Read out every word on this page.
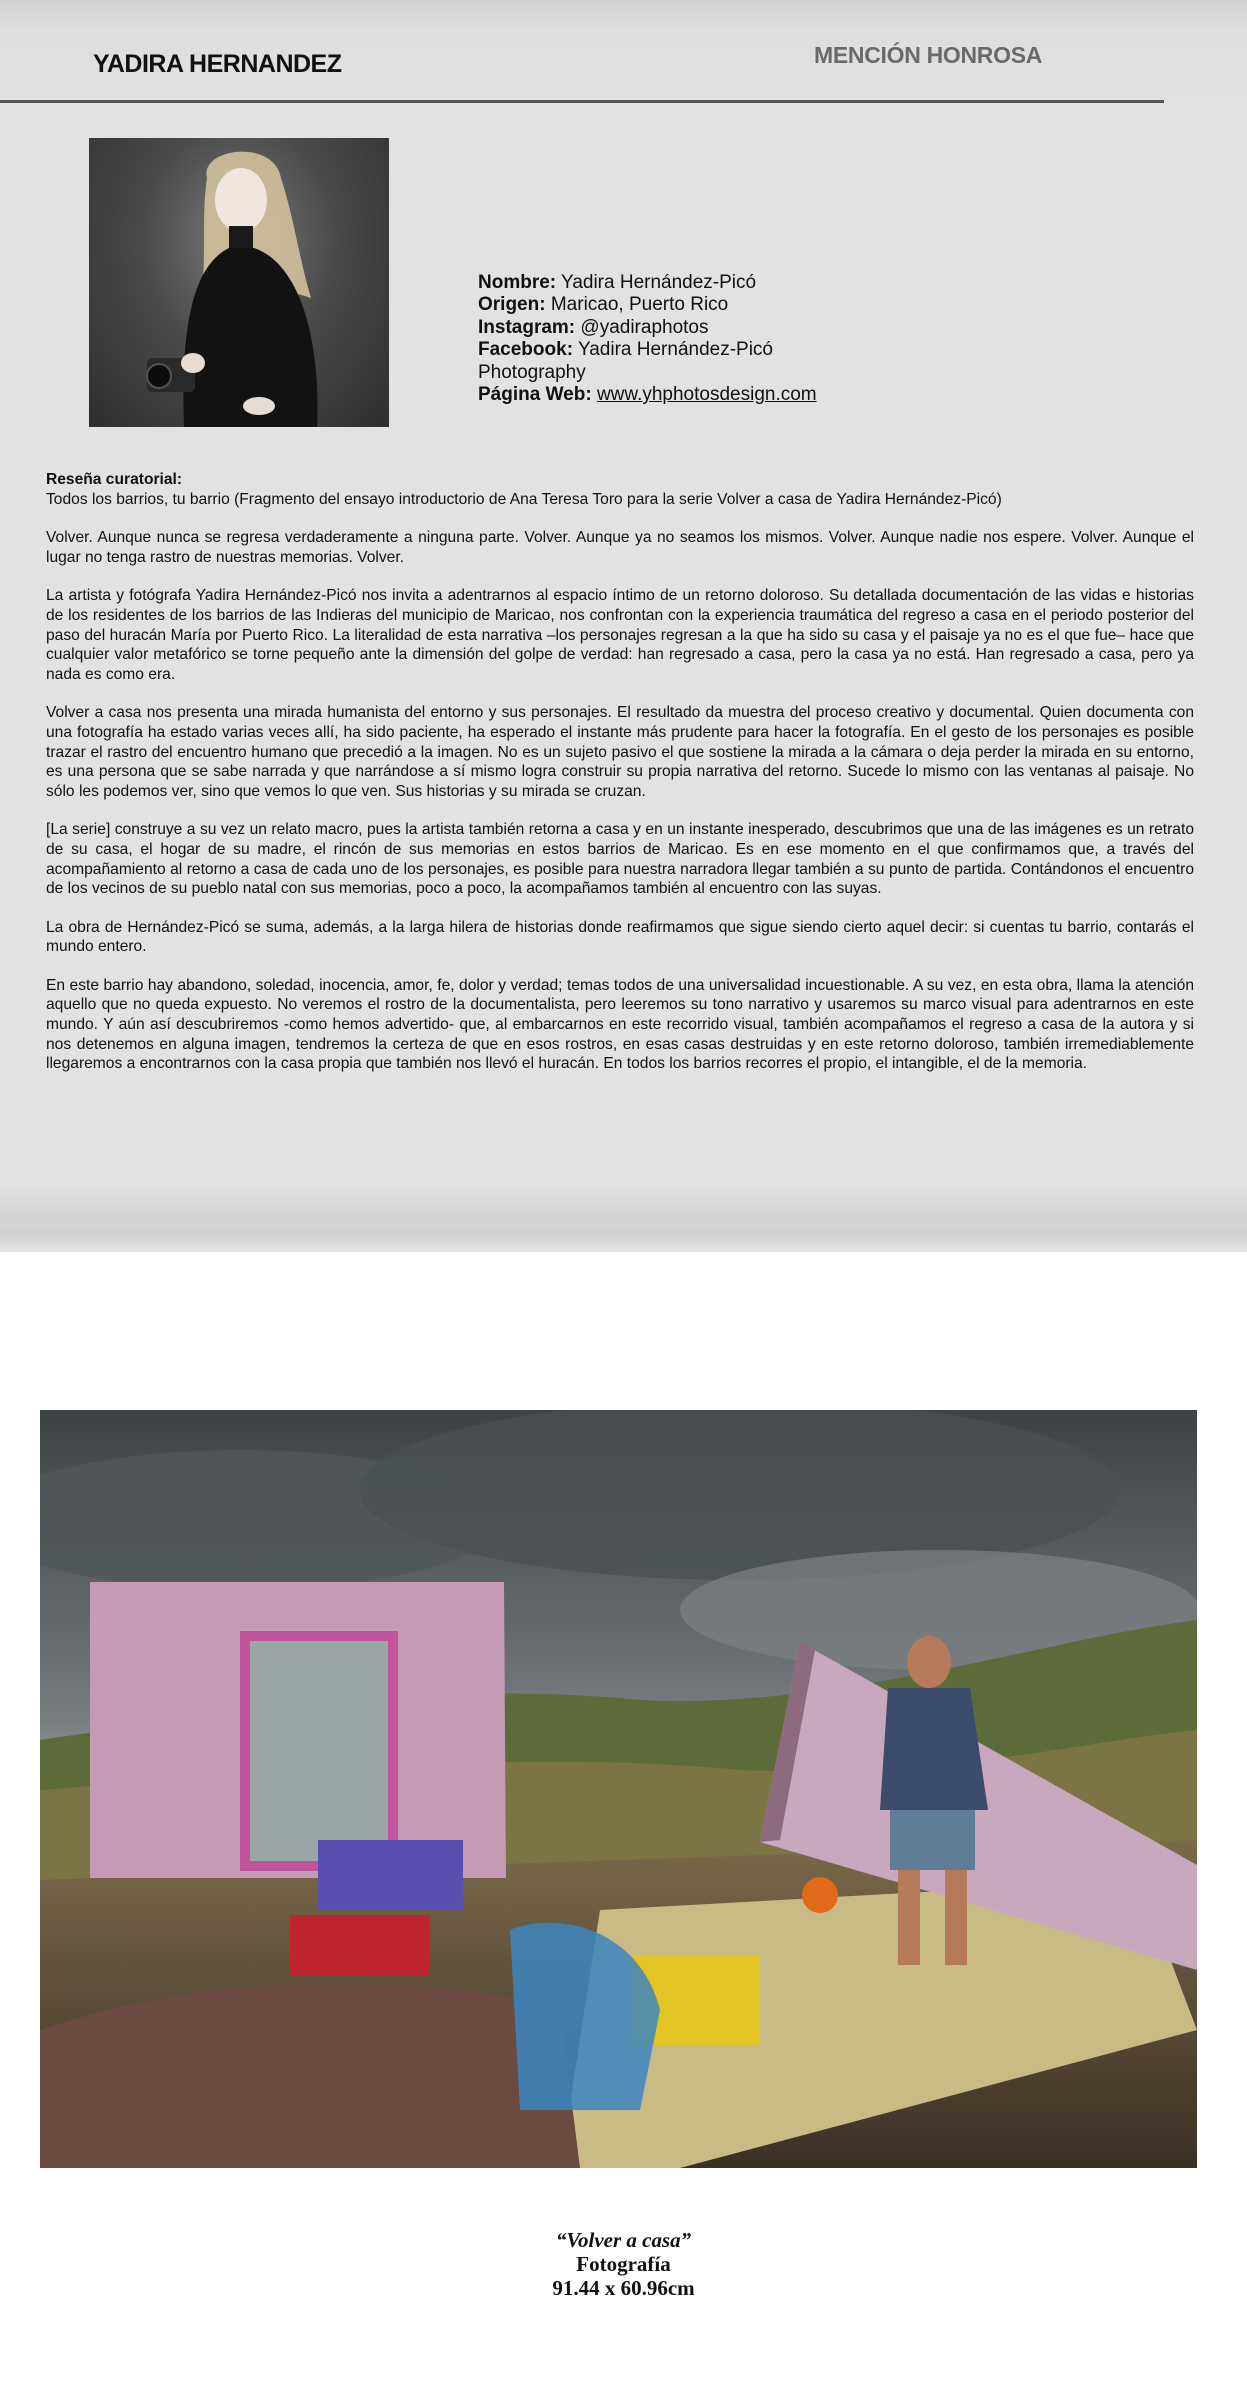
YADIRA HERNANDEZ	MENCIÓN HONROSA
Nombre: Yadira Hernández-Picó
Origen: Maricao, Puerto Rico
Instagram: @yadiraphotos
Facebook: Yadira Hernández-Picó Photography
Página Web: www.yhphotosdesign.com
Reseña curatorial:
Todos los barrios, tu barrio (Fragmento del ensayo introductorio de Ana Teresa Toro para la serie Volver a casa de Yadira Hernández-Picó)

Volver. Aunque nunca se regresa verdaderamente a ninguna parte. Volver. Aunque ya no seamos los mismos. Volver. Aunque nadie nos espere. Volver. Aunque el lugar no tenga rastro de nuestras memorias. Volver.

La artista y fotógrafa Yadira Hernández-Picó nos invita a adentrarnos al espacio íntimo de un retorno doloroso. Su detallada documentación de las vidas e historias de los residentes de los barrios de las Indieras del municipio de Maricao, nos confrontan con la experiencia traumática del regreso a casa en el periodo posterior del paso del huracán María por Puerto Rico. La literalidad de esta narrativa –los personajes regresan a la que ha sido su casa y el paisaje ya no es el que fue– hace que cualquier valor metafórico se torne pequeño ante la dimensión del golpe de verdad: han regresado a casa, pero la casa ya no está. Han regresado a casa, pero ya nada es como era.

Volver a casa nos presenta una mirada humanista del entorno y sus personajes. El resultado da muestra del proceso creativo y documental. Quien documenta con una fotografía ha estado varias veces allí, ha sido paciente, ha esperado el instante más prudente para hacer la fotografía. En el gesto de los personajes es posible trazar el rastro del encuentro humano que precedió a la imagen. No es un sujeto pasivo el que sostiene la mirada a la cámara o deja perder la mirada en su entorno, es una persona que se sabe narrada y que narrándose a sí mismo logra construir su propia narrativa del retorno. Sucede lo mismo con las ventanas al paisaje. No sólo les podemos ver, sino que vemos lo que ven. Sus historias y su mirada se cruzan.

[La serie] construye a su vez un relato macro, pues la artista también retorna a casa y en un instante inesperado, descubrimos que una de las imágenes es un retrato de su casa, el hogar de su madre, el rincón de sus memorias en estos barrios de Maricao. Es en ese momento en el que confirmamos que, a través del acompañamiento al retorno a casa de cada uno de los personajes, es posible para nuestra narradora llegar también a su punto de partida. Contándonos el encuentro de los vecinos de su pueblo natal con sus memorias, poco a poco, la acompañamos también al encuentro con las suyas.

La obra de Hernández-Picó se suma, además, a la larga hilera de historias donde reafirmamos que sigue siendo cierto aquel decir: si cuentas tu barrio, contarás el mundo entero.

En este barrio hay abandono, soledad, inocencia, amor, fe, dolor y verdad; temas todos de una universalidad incuestionable. A su vez, en esta obra, llama la atención aquello que no queda expuesto. No veremos el rostro de la documentalista, pero leeremos su tono narrativo y usaremos su marco visual para adentrarnos en este mundo. Y aún así descubriremos -como hemos advertido- que, al embarcarnos en este recorrido visual, también acompañamos el regreso a casa de la autora y si nos detenemos en alguna imagen, tendremos la certeza de que en esos rostros, en esas casas destruidas y en este retorno doloroso, también irremediablemente llegaremos a encontrarnos con la casa propia que también nos llevó el huracán. En todos los barrios recorres el propio, el intangible, el de la memoria.

“Volver a casa”
Fotografía
91.44 x 60.96cm
